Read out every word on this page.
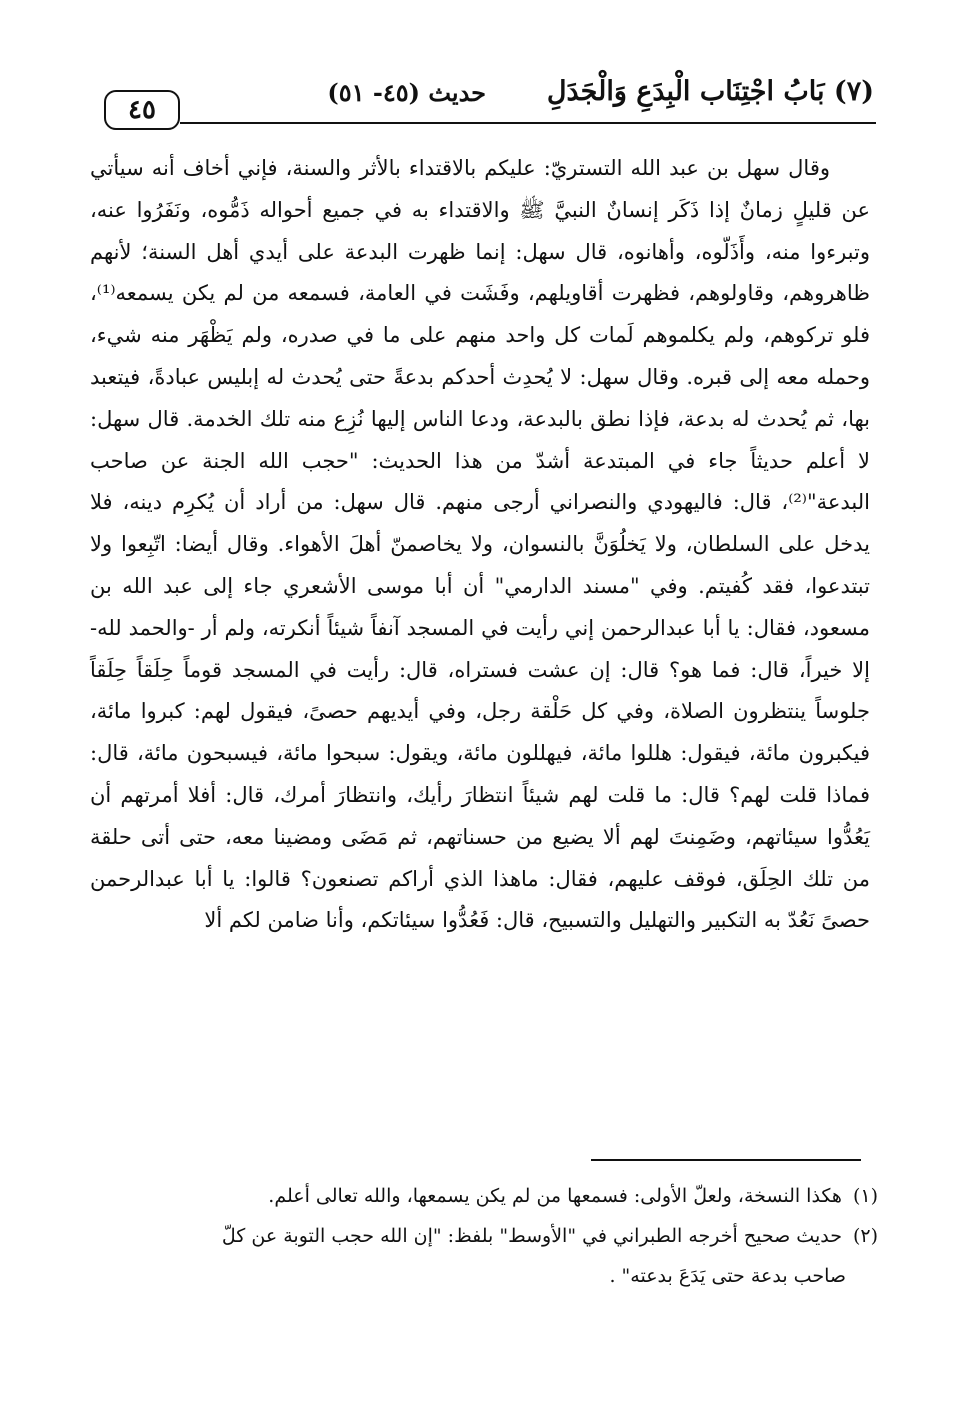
(٧) بَابُ اجْتِنَاب الْبِدَعِ وَالْجَدَلِ
حديث (٤٥- ٥١)
٤٥

وقال سهل بن عبد الله التستريّ: عليكم بالاقتداء بالأثر والسنة، فإني أخاف أنه سيأتي عن قليلٍ زمانٌ إذا ذَكَر إنسانٌ النبيَّ ﷺ والاقتداء به في جميع أحواله ذَمُّوه، ونَفَرُوا عنه، وتبرءوا منه، وأَذَلّوه، وأهانوه، قال سهل: إنما ظهرت البدعة على أيدي أهل السنة؛ لأنهم ظاهروهم، وقاولوهم، فظهرت أقاويلهم، وفَشَت في العامة، فسمعه من لم يكن يسمعه⁽¹⁾، فلو تركوهم، ولم يكلموهم لَمات كل واحد منهم على ما في صدره، ولم يَظْهَر منه شيء، وحمله معه إلى قبره. وقال سهل: لا يُحدِث أحدكم بدعةً حتى يُحدث له إبليس عبادةً، فيتعبد بها، ثم يُحدث له بدعة، فإذا نطق بالبدعة، ودعا الناس إليها نُزِع منه تلك الخدمة. قال سهل: لا أعلم حديثاً جاء في المبتدعة أشدّ من هذا الحديث: "حجب الله الجنة عن صاحب البدعة"⁽²⁾، قال: فاليهودي والنصراني أرجى منهم. قال سهل: من أراد أن يُكرِم دينه، فلا يدخل على السلطان، ولا يَخلُوَنَّ بالنسوان، ولا يخاصمنّ أهلَ الأهواء. وقال أيضا: اتّبِعوا ولا تبتدعوا، فقد كُفيتم. وفي "مسند الدارمي" أن أبا موسى الأشعري جاء إلى عبد الله بن مسعود، فقال: يا أبا عبدالرحمن إني رأيت في المسجد آنفاً شيئاً أنكرته، ولم أر -والحمد لله- إلا خيراً، قال: فما هو؟ قال: إن عشت فستراه، قال: رأيت في المسجد قوماً حِلَقاً حِلَقاً جلوساً ينتظرون الصلاة، وفي كل حَلْقة رجل، وفي أيديهم حصىً، فيقول لهم: كبروا مائة، فيكبرون مائة، فيقول: هللوا مائة، فيهللون مائة، ويقول: سبحوا مائة، فيسبحون مائة، قال: فماذا قلت لهم؟ قال: ما قلت لهم شيئاً انتظارَ رأيك، وانتظارَ أمرك، قال: أفلا أمرتهم أن يَعُدُّوا سيئاتهم، وضَمِنتَ لهم ألا يضيع من حسناتهم، ثم مَضَى ومضينا معه، حتى أتى حلقة من تلك الحِلَق، فوقف عليهم، فقال: ماهذا الذي أراكم تصنعون؟ قالوا: يا أبا عبدالرحمن حصىً نَعُدّ به التكبير والتهليل والتسبيح، قال: فَعُدُّوا سيئاتكم، وأنا ضامن لكم ألا

(١) هكذا النسخة، ولعلّ الأولى: فسمعها من لم يكن يسمعها، والله تعالى أعلم.
(٢) حديث صحيح أخرجه الطبراني في "الأوسط" بلفظ: "إن الله حجب التوبة عن كلّ
صاحب بدعة حتى يَدَعَ بدعته" .
